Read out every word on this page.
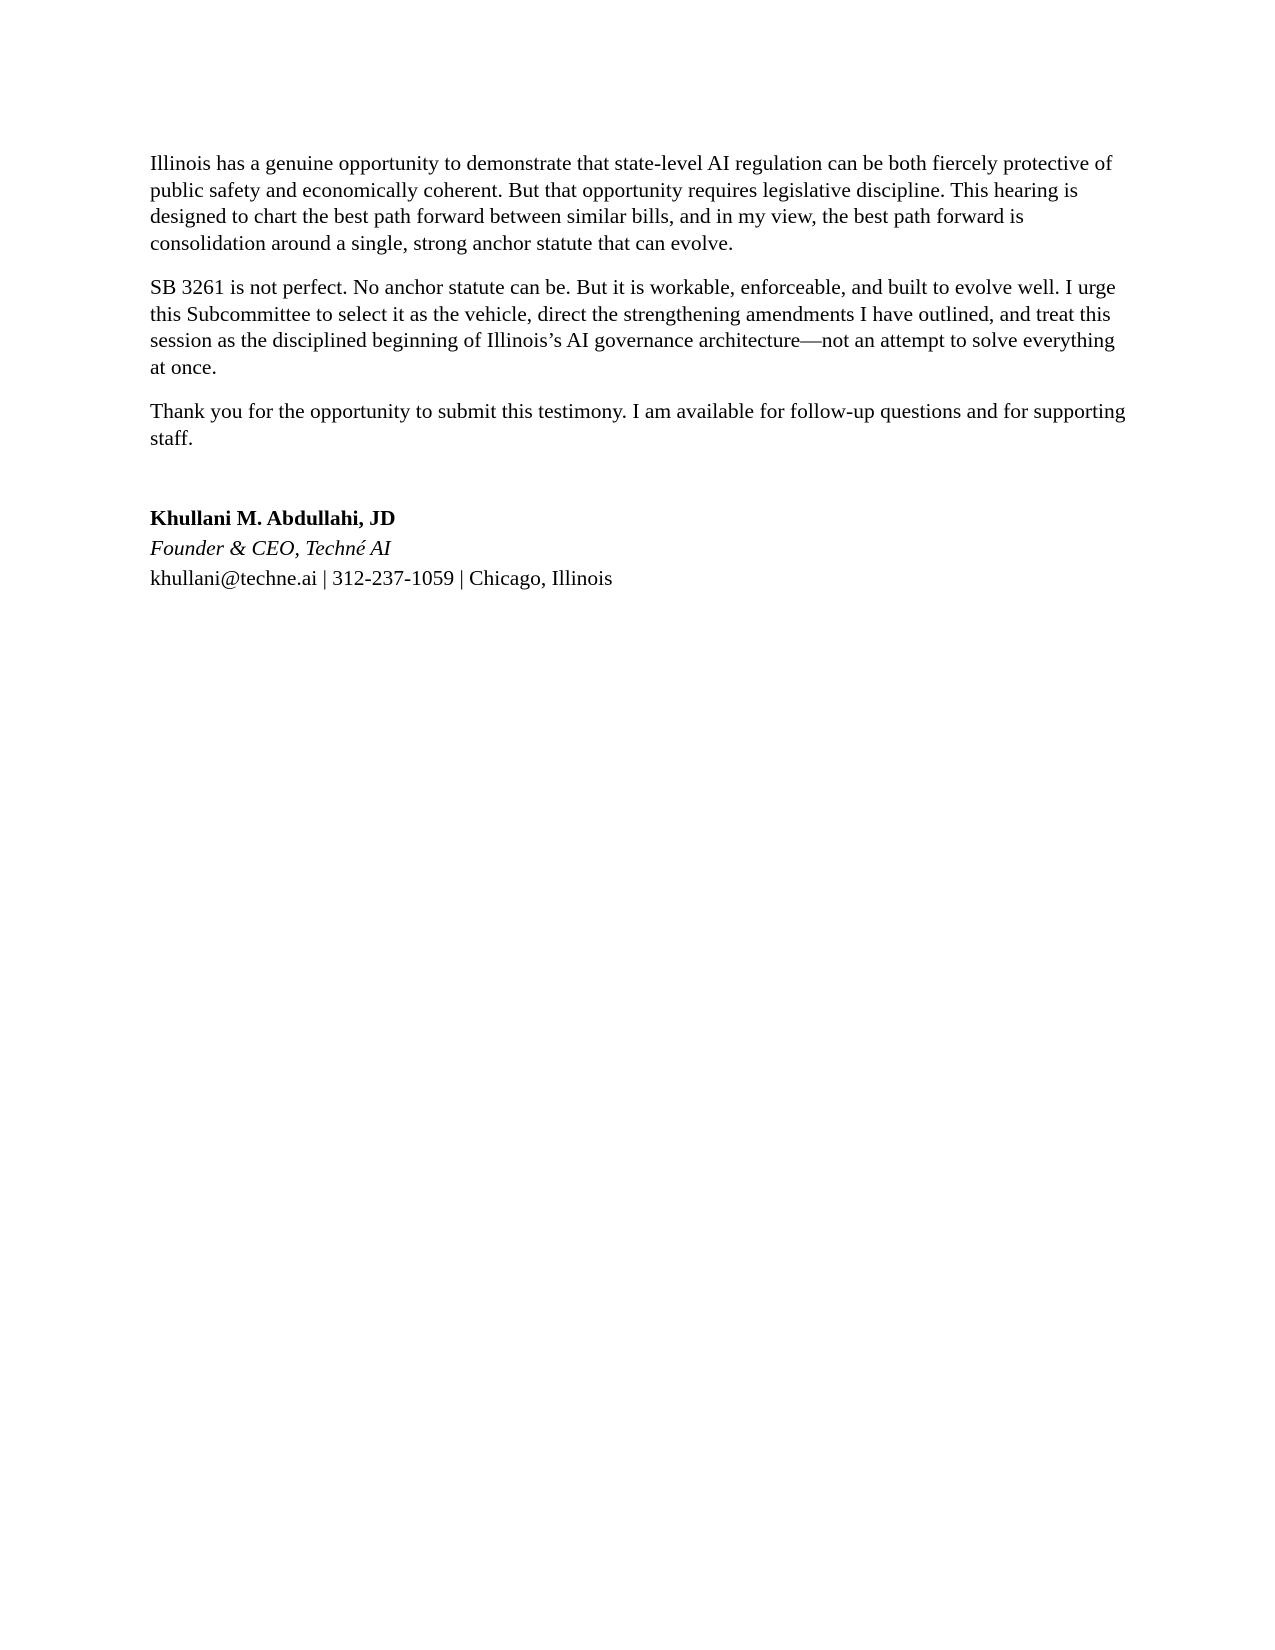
Illinois has a genuine opportunity to demonstrate that state-level AI regulation can be both fiercely protective of public safety and economically coherent. But that opportunity requires legislative discipline. This hearing is designed to chart the best path forward between similar bills, and in my view, the best path forward is consolidation around a single, strong anchor statute that can evolve.

SB 3261 is not perfect. No anchor statute can be. But it is workable, enforceable, and built to evolve well. I urge this Subcommittee to select it as the vehicle, direct the strengthening amendments I have outlined, and treat this session as the disciplined beginning of Illinois’s AI governance architecture—not an attempt to solve everything at once.

Thank you for the opportunity to submit this testimony. I am available for follow-up questions and for supporting staff.

Khullani M. Abdullahi, JD
Founder & CEO, Techné AI
khullani@techne.ai | 312-237-1059 | Chicago, Illinois
